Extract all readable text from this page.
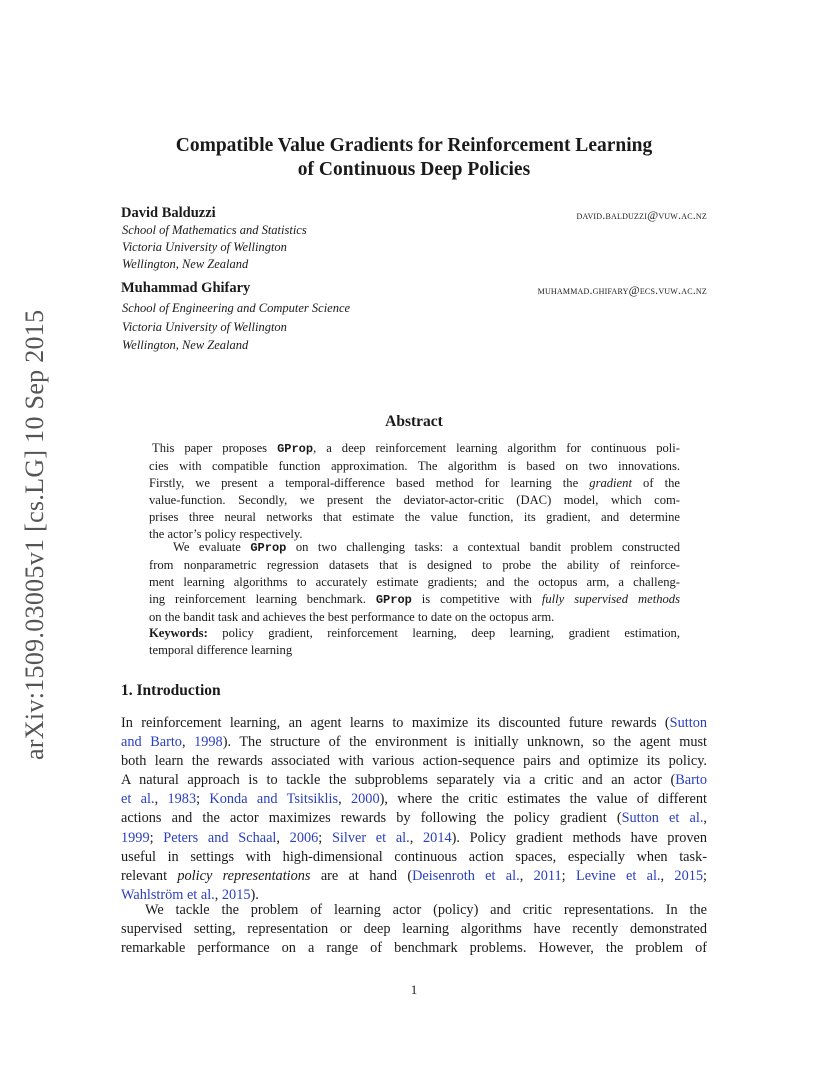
arXiv:1509.03005v1 [cs.LG] 10 Sep 2015
Compatible Value Gradients for Reinforcement Learning
of Continuous Deep Policies
David Balduzzi	david.balduzzi@vuw.ac.nz
School of Mathematics and Statistics
Victoria University of Wellington
Wellington, New Zealand
Muhammad Ghifary	muhammad.ghifary@ecs.vuw.ac.nz
School of Engineering and Computer Science
Victoria University of Wellington
Wellington, New Zealand
Abstract
This paper proposes GProp, a deep reinforcement learning algorithm for continuous poli-
cies with compatible function approximation. The algorithm is based on two innovations.
Firstly, we present a temporal-difference based method for learning the gradient of the
value-function. Secondly, we present the deviator-actor-critic (DAC) model, which com-
prises three neural networks that estimate the value function, its gradient, and determine
the actor’s policy respectively.
We evaluate GProp on two challenging tasks: a contextual bandit problem constructed
from nonparametric regression datasets that is designed to probe the ability of reinforce-
ment learning algorithms to accurately estimate gradients; and the octopus arm, a challeng-
ing reinforcement learning benchmark. GProp is competitive with fully supervised methods
on the bandit task and achieves the best performance to date on the octopus arm.
Keywords: policy gradient, reinforcement learning, deep learning, gradient estimation,
temporal difference learning
1. Introduction
In reinforcement learning, an agent learns to maximize its discounted future rewards (Sutton
and Barto, 1998). The structure of the environment is initially unknown, so the agent must
both learn the rewards associated with various action-sequence pairs and optimize its policy.
A natural approach is to tackle the subproblems separately via a critic and an actor (Barto
et al., 1983; Konda and Tsitsiklis, 2000), where the critic estimates the value of different
actions and the actor maximizes rewards by following the policy gradient (Sutton et al.,
1999; Peters and Schaal, 2006; Silver et al., 2014). Policy gradient methods have proven
useful in settings with high-dimensional continuous action spaces, especially when task-
relevant policy representations are at hand (Deisenroth et al., 2011; Levine et al., 2015;
Wahlström et al., 2015).
We tackle the problem of learning actor (policy) and critic representations. In the
supervised setting, representation or deep learning algorithms have recently demonstrated
remarkable performance on a range of benchmark problems. However, the problem of
1
